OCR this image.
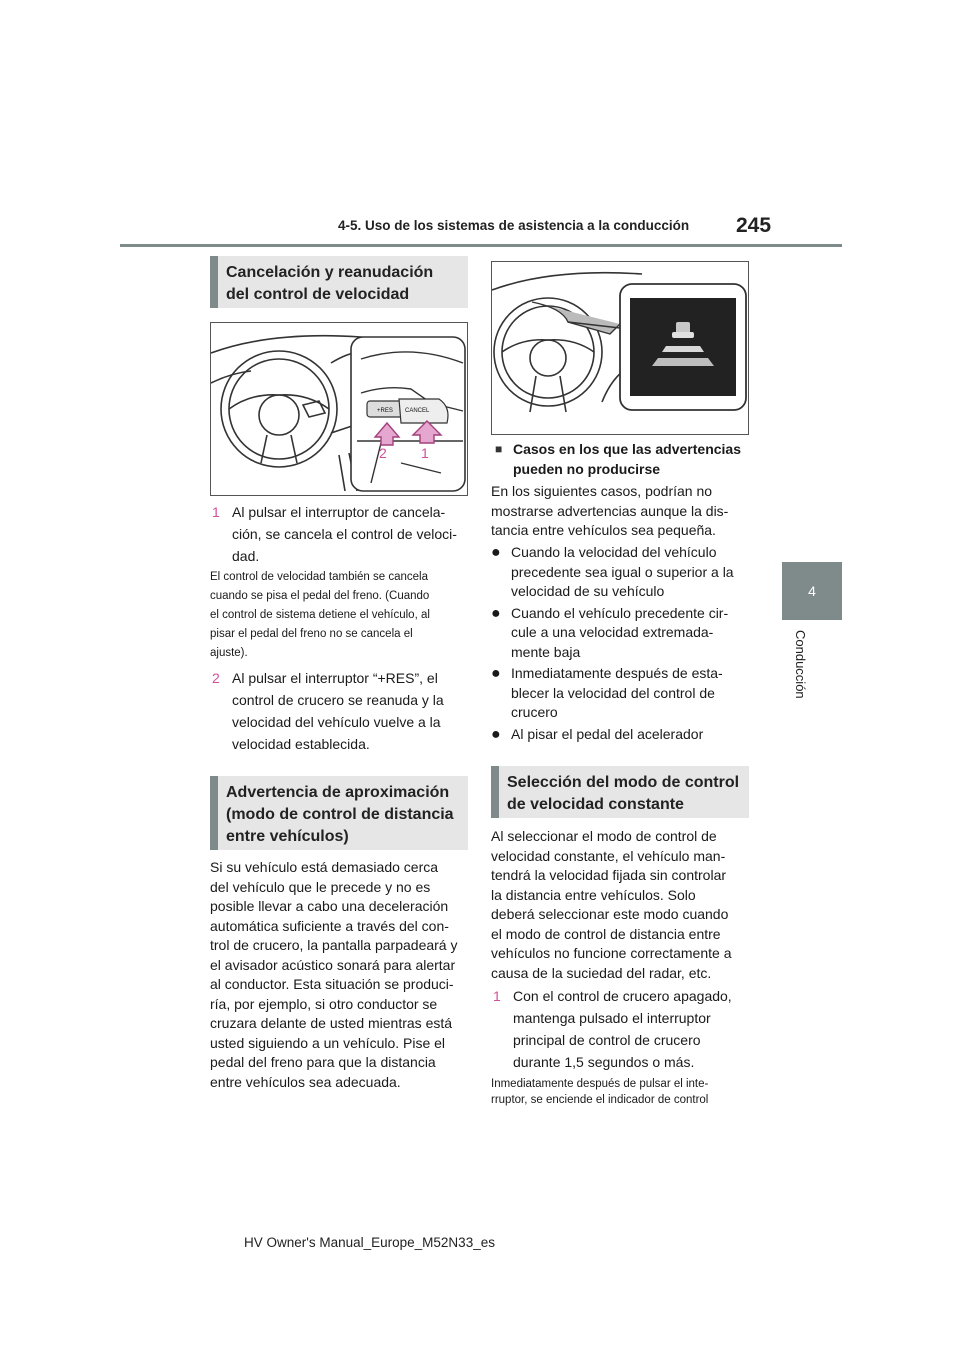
4-5. Uso de los sistemas de asistencia a la conducción 245
4
Conducción
Cancelación y reanudación del control de velocidad
+RES CANCEL
2 1
1 Al pulsar el interruptor de cancela-
ción, se cancela el control de veloci-
dad.
El control de velocidad también se cancela
cuando se pisa el pedal del freno. (Cuando
el control de sistema detiene el vehículo, al
pisar el pedal del freno no se cancela el
ajuste).
2 Al pulsar el interruptor “+RES”, el
control de crucero se reanuda y la
velocidad del vehículo vuelve a la
velocidad establecida.
Advertencia de aproximación (modo de control de distancia entre vehículos)
Si su vehículo está demasiado cerca
del vehículo que le precede y no es
posible llevar a cabo una deceleración
automática suficiente a través del con-
trol de crucero, la pantalla parpadeará y
el avisador acústico sonará para alertar
al conductor. Esta situación se produci-
ría, por ejemplo, si otro conductor se
cruzara delante de usted mientras está
usted siguiendo a un vehículo. Pise el
pedal del freno para que la distancia
entre vehículos sea adecuada.
■ Casos en los que las advertencias
pueden no producirse
En los siguientes casos, podrían no
mostrarse advertencias aunque la dis-
tancia entre vehículos sea pequeña.
● Cuando la velocidad del vehículo
precedente sea igual o superior a la
velocidad de su vehículo
● Cuando el vehículo precedente cir-
cule a una velocidad extremada-
mente baja
● Inmediatamente después de esta-
blecer la velocidad del control de
crucero
● Al pisar el pedal del acelerador
Selección del modo de control de velocidad constante
Al seleccionar el modo de control de
velocidad constante, el vehículo man-
tendrá la velocidad fijada sin controlar
la distancia entre vehículos. Solo
deberá seleccionar este modo cuando
el modo de control de distancia entre
vehículos no funcione correctamente a
causa de la suciedad del radar, etc.
1 Con el control de crucero apagado,
mantenga pulsado el interruptor
principal de control de crucero
durante 1,5 segundos o más.
Inmediatamente después de pulsar el inte-
rruptor, se enciende el indicador de control
HV Owner's Manual_Europe_M52N33_es
